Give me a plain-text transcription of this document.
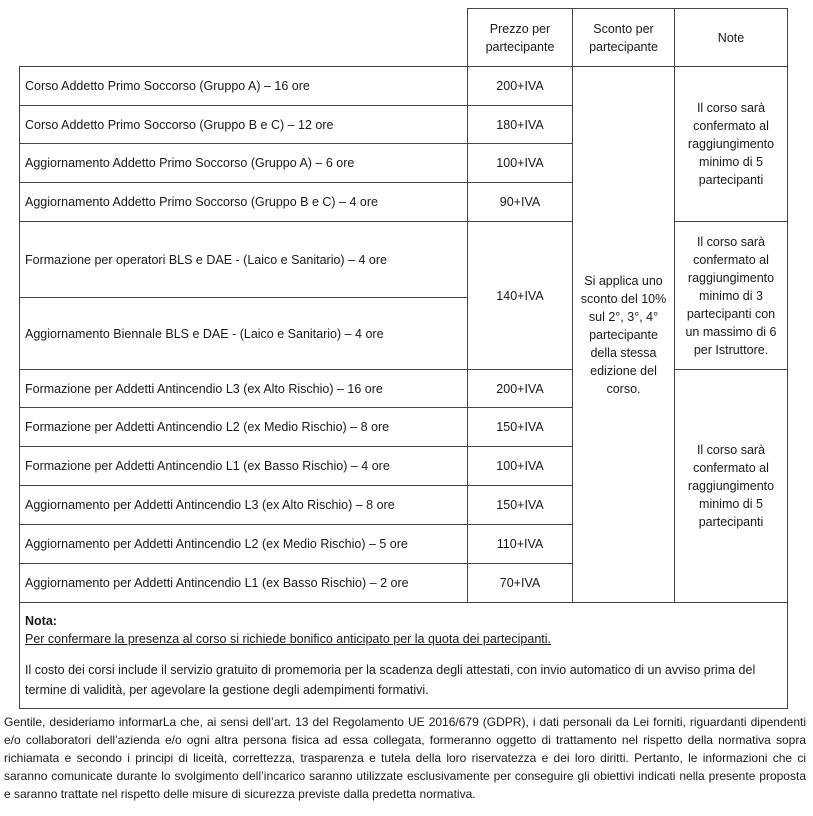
	Prezzo per partecipante	Sconto per partecipante	Note
Corso Addetto Primo Soccorso (Gruppo A) – 16 ore	200+IVA	Si applica uno sconto del 10% sul 2°, 3°, 4° partecipante della stessa edizione del corso.	Il corso sarà confermato al raggiungimento minimo di 5 partecipanti
Corso Addetto Primo Soccorso (Gruppo B e C) – 12 ore	180+IVA		
Aggiornamento Addetto Primo Soccorso (Gruppo A) – 6 ore	100+IVA		
Aggiornamento Addetto Primo Soccorso (Gruppo B e C) – 4 ore	90+IVA		
Formazione per operatori BLS e DAE - (Laico e Sanitario) – 4 ore	140+IVA		Il corso sarà confermato al raggiungimento minimo di 3 partecipanti con un massimo di 6 per Istruttore.
Aggiornamento Biennale BLS e DAE - (Laico e Sanitario) – 4 ore			
Formazione per Addetti Antincendio L3 (ex Alto Rischio) – 16 ore	200+IVA		Il corso sarà confermato al raggiungimento minimo di 5 partecipanti
Formazione per Addetti Antincendio L2 (ex Medio Rischio) – 8 ore	150+IVA		
Formazione per Addetti Antincendio L1 (ex Basso Rischio) – 4 ore	100+IVA		
Aggiornamento per Addetti Antincendio L3 (ex Alto Rischio) – 8 ore	150+IVA		
Aggiornamento per Addetti Antincendio L2 (ex Medio Rischio) – 5 ore	110+IVA		
Aggiornamento per Addetti Antincendio L1 (ex Basso Rischio) – 2 ore	70+IVA		

Nota:
Per confermare la presenza al corso si richiede bonifico anticipato per la quota dei partecipanti.
Il costo dei corsi include il servizio gratuito di promemoria per la scadenza degli attestati, con invio automatico di un avviso prima del termine di validità, per agevolare la gestione degli adempimenti formativi.			

Gentile, desideriamo informarLa che, ai sensi dell’art. 13 del Regolamento UE 2016/679 (GDPR), i dati personali da Lei forniti, riguardanti dipendenti e/o collaboratori dell’azienda e/o ogni altra persona fisica ad essa collegata, formeranno oggetto di trattamento nel rispetto della normativa sopra richiamata e secondo i principi di liceità, correttezza, trasparenza e tutela della loro riservatezza e dei loro diritti. Pertanto, le informazioni che ci saranno comunicate durante lo svolgimento dell’incarico saranno utilizzate esclusivamente per conseguire gli obiettivi indicati nella presente proposta e saranno trattate nel rispetto delle misure di sicurezza previste dalla predetta normativa.
